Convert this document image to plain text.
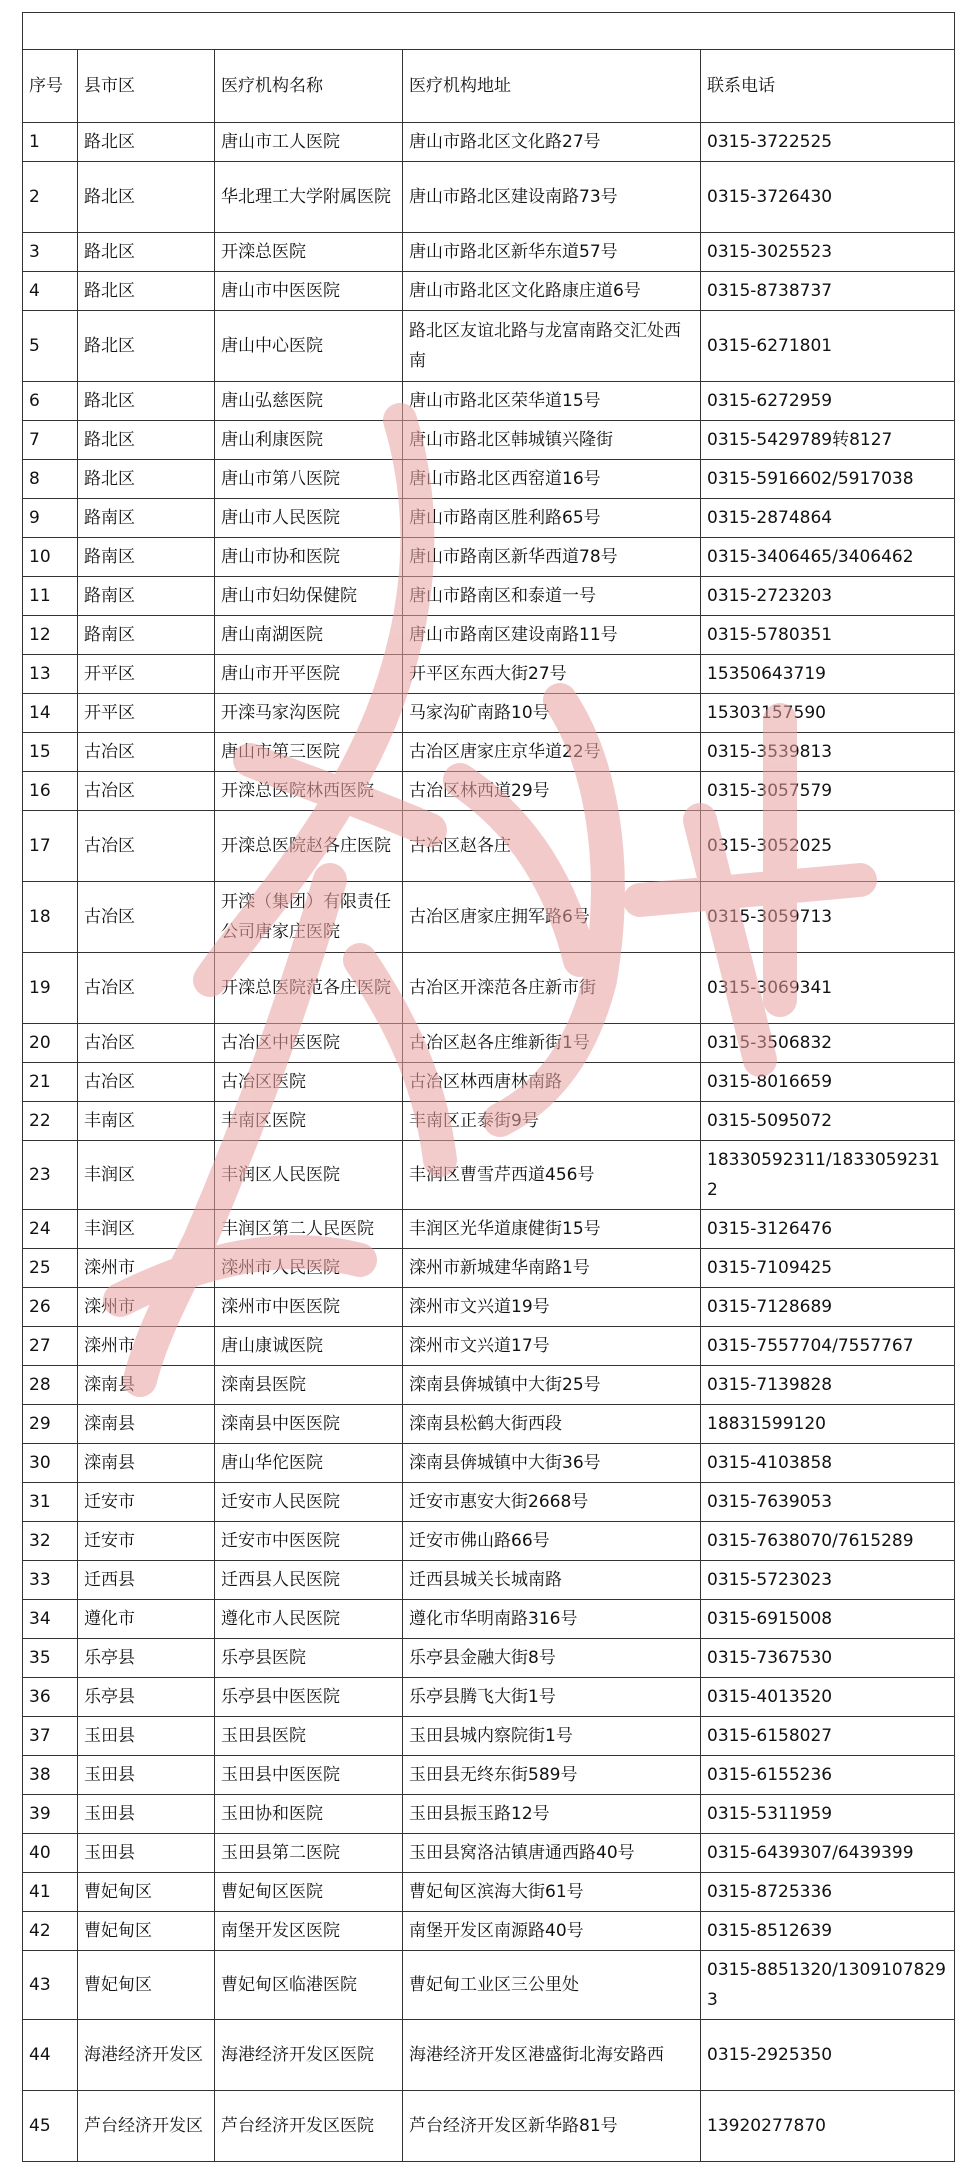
序号	县市区	医疗机构名称	医疗机构地址	联系电话
1	路北区	唐山市工人医院	唐山市路北区文化路27号	0315-3722525
2	路北区	华北理工大学附属医院	唐山市路北区建设南路73号	0315-3726430
3	路北区	开滦总医院	唐山市路北区新华东道57号	0315-3025523
4	路北区	唐山市中医医院	唐山市路北区文化路康庄道6号	0315-8738737
5	路北区	唐山中心医院	路北区友谊北路与龙富南路交汇处西南	0315-6271801
6	路北区	唐山弘慈医院	唐山市路北区荣华道15号	0315-6272959
7	路北区	唐山利康医院	唐山市路北区韩城镇兴隆街	0315-5429789转8127
8	路北区	唐山市第八医院	唐山市路北区西窑道16号	0315-5916602/5917038
9	路南区	唐山市人民医院	唐山市路南区胜利路65号	0315-2874864
10	路南区	唐山市协和医院	唐山市路南区新华西道78号	0315-3406465/3406462
11	路南区	唐山市妇幼保健院	唐山市路南区和泰道一号	0315-2723203
12	路南区	唐山南湖医院	唐山市路南区建设南路11号	0315-5780351
13	开平区	唐山市开平医院	开平区东西大街27号	15350643719
14	开平区	开滦马家沟医院	马家沟矿南路10号	15303157590
15	古冶区	唐山市第三医院	古冶区唐家庄京华道22号	0315-3539813
16	古冶区	开滦总医院林西医院	古冶区林西道29号	0315-3057579
17	古冶区	开滦总医院赵各庄医院	古冶区赵各庄	0315-3052025
18	古冶区	开滦（集团）有限责任公司唐家庄医院	古冶区唐家庄拥军路6号	0315-3059713
19	古冶区	开滦总医院范各庄医院	古冶区开滦范各庄新市街	0315-3069341
20	古冶区	古冶区中医医院	古冶区赵各庄维新街1号	0315-3506832
21	古冶区	古冶区医院	古冶区林西唐林南路	0315-8016659
22	丰南区	丰南区医院	丰南区正泰街9号	0315-5095072
23	丰润区	丰润区人民医院	丰润区曹雪芹西道456号	18330592311/18330592312
24	丰润区	丰润区第二人民医院	丰润区光华道康健街15号	0315-3126476
25	滦州市	滦州市人民医院	滦州市新城建华南路1号	0315-7109425
26	滦州市	滦州市中医医院	滦州市文兴道19号	0315-7128689
27	滦州市	唐山康诚医院	滦州市文兴道17号	0315-7557704/7557767
28	滦南县	滦南县医院	滦南县倴城镇中大街25号	0315-7139828
29	滦南县	滦南县中医医院	滦南县松鹤大街西段	18831599120
30	滦南县	唐山华佗医院	滦南县倴城镇中大街36号	0315-4103858
31	迁安市	迁安市人民医院	迁安市惠安大街2668号	0315-7639053
32	迁安市	迁安市中医医院	迁安市佛山路66号	0315-7638070/7615289
33	迁西县	迁西县人民医院	迁西县城关长城南路	0315-5723023
34	遵化市	遵化市人民医院	遵化市华明南路316号	0315-6915008
35	乐亭县	乐亭县医院	乐亭县金融大街8号	0315-7367530
36	乐亭县	乐亭县中医医院	乐亭县腾飞大街1号	0315-4013520
37	玉田县	玉田县医院	玉田县城内察院街1号	0315-6158027
38	玉田县	玉田县中医医院	玉田县无终东街589号	0315-6155236
39	玉田县	玉田协和医院	玉田县振玉路12号	0315-5311959
40	玉田县	玉田县第二医院	玉田县窝洛沽镇唐通西路40号	0315-6439307/6439399
41	曹妃甸区	曹妃甸区医院	曹妃甸区滨海大街61号	0315-8725336
42	曹妃甸区	南堡开发区医院	南堡开发区南源路40号	0315-8512639
43	曹妃甸区	曹妃甸区临港医院	曹妃甸工业区三公里处	0315-8851320/13091078293
44	海港经济开发区	海港经济开发区医院	海港经济开发区港盛街北海安路西	0315-2925350
45	芦台经济开发区	芦台经济开发区医院	芦台经济开发区新华路81号	13920277870
